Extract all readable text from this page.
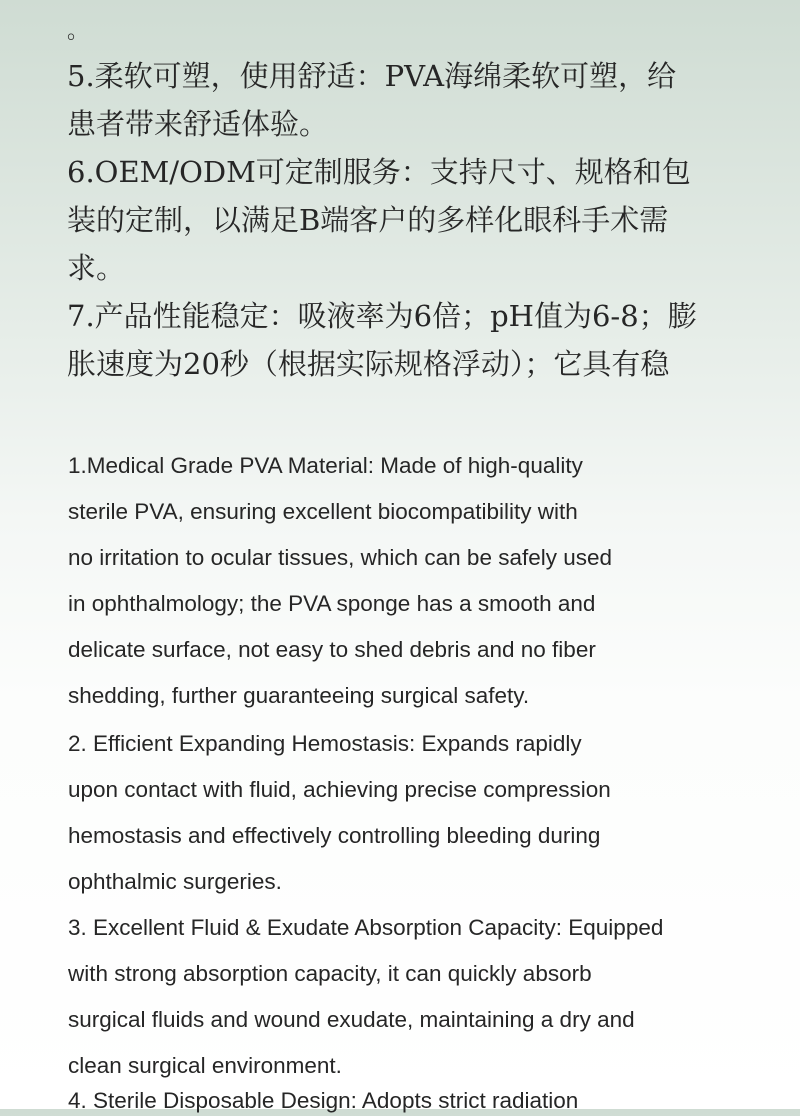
。

5.柔软可塑，使用舒适：PVA海绵柔软可塑，给
患者带来舒适体验。

6.OEM/ODM可定制服务：支持尺寸、规格和包
装的定制，以满足B端客户的多样化眼科手术需
求。

7.产品性能稳定：吸液率为6倍；pH值为6-8；膨
胀速度为20秒（根据实际规格浮动）；它具有稳

1.Medical Grade PVA Material: Made of high-quality
sterile PVA, ensuring excellent biocompatibility with
no irritation to ocular tissues, which can be safely used
in ophthalmology; the PVA sponge has a smooth and
delicate surface, not easy to shed debris and no fiber
shedding, further guaranteeing surgical safety.

2. Efficient Expanding Hemostasis: Expands rapidly
upon contact with fluid, achieving precise compression
hemostasis and effectively controlling bleeding during
ophthalmic surgeries.

3. Excellent Fluid & Exudate Absorption Capacity: Equipped
with strong absorption capacity, it can quickly absorb
surgical fluids and wound exudate, maintaining a dry and
clean surgical environment.

4. Sterile Disposable Design: Adopts strict radiation
